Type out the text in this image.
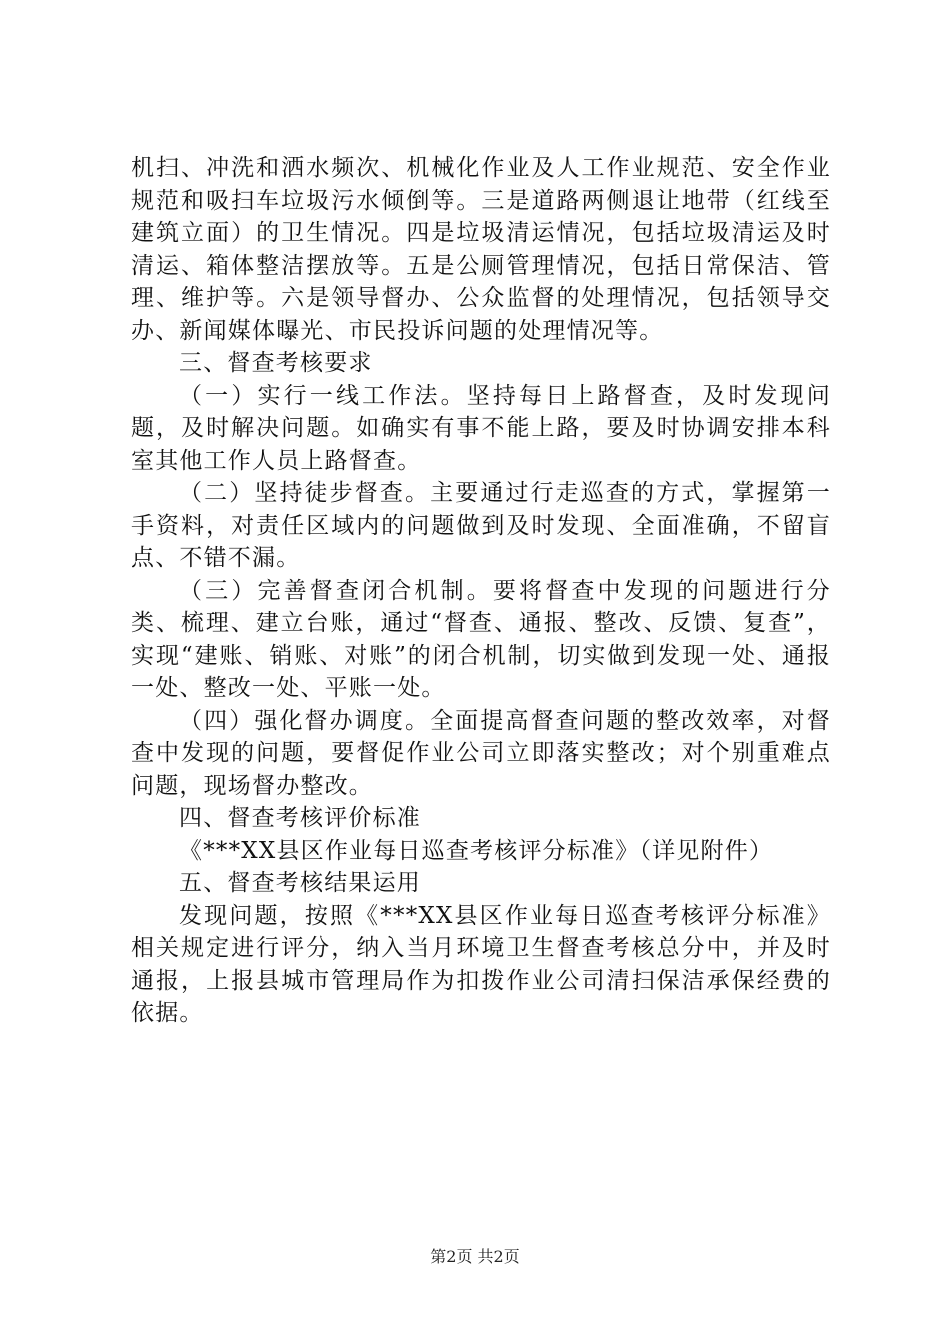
机扫、冲洗和洒水频次、机械化作业及人工作业规范、安全作业规范和吸扫车垃圾污水倾倒等。三是道路两侧退让地带（红线至建筑立面）的卫生情况。四是垃圾清运情况，包括垃圾清运及时清运、箱体整洁摆放等。五是公厕管理情况，包括日常保洁、管理、维护等。六是领导督办、公众监督的处理情况，包括领导交办、新闻媒体曝光、市民投诉问题的处理情况等。

三、督查考核要求

（一）实行一线工作法。坚持每日上路督查，及时发现问题，及时解决问题。如确实有事不能上路，要及时协调安排本科室其他工作人员上路督查。

（二）坚持徒步督查。主要通过行走巡查的方式，掌握第一手资料，对责任区域内的问题做到及时发现、全面准确，不留盲点、不错不漏。

（三）完善督查闭合机制。要将督查中发现的问题进行分类、梳理、建立台账，通过“督查、通报、整改、反馈、复查”，实现“建账、销账、对账”的闭合机制，切实做到发现一处、通报一处、整改一处、平账一处。

（四）强化督办调度。全面提高督查问题的整改效率，对督查中发现的问题，要督促作业公司立即落实整改；对个别重难点问题，现场督办整改。

四、督查考核评价标准

《***XX县区作业每日巡查考核评分标准》（详见附件）

五、督查考核结果运用

发现问题，按照《***XX县区作业每日巡查考核评分标准》相关规定进行评分，纳入当月环境卫生督查考核总分中，并及时通报，上报县城市管理局作为扣拨作业公司清扫保洁承保经费的依据。

第2页 共2页
